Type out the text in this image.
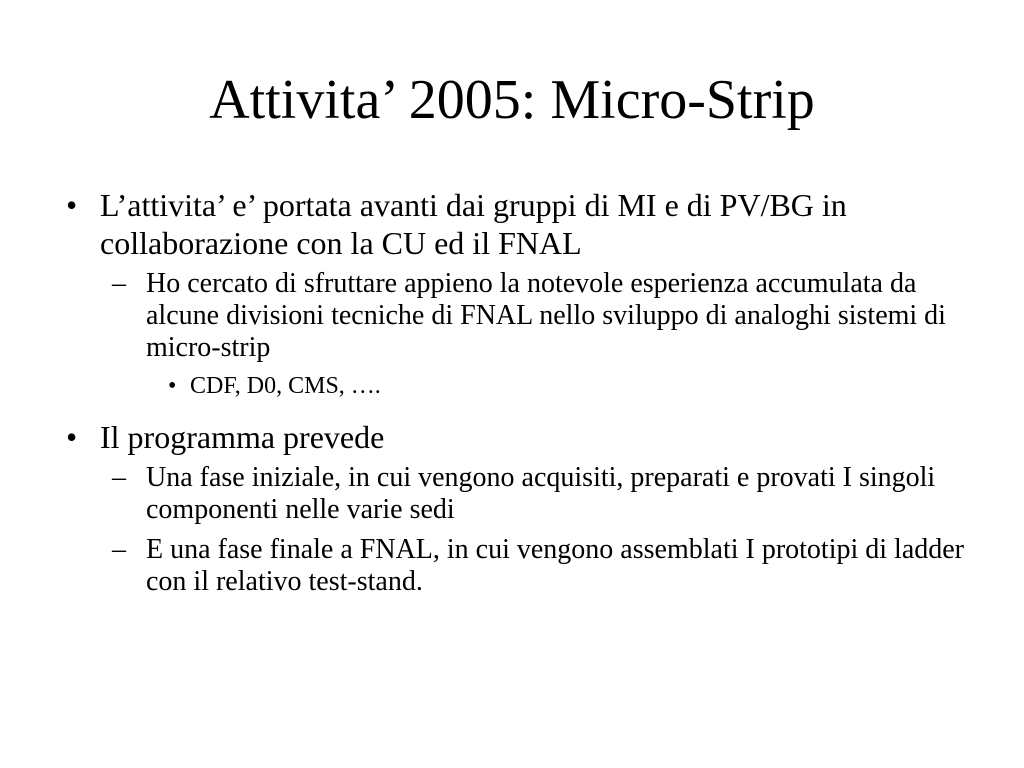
Attivita’ 2005: Micro-Strip
• L’attivita’ e’ portata avanti dai gruppi di MI e di PV/BG in collaborazione con la CU ed il FNAL
– Ho cercato di sfruttare appieno la notevole esperienza accumulata da alcune divisioni tecniche di FNAL nello sviluppo di analoghi sistemi di micro-strip
• CDF, D0, CMS, ….
• Il programma prevede
– Una fase iniziale, in cui vengono acquisiti, preparati e provati I singoli componenti nelle varie sedi
– E una fase finale a FNAL, in cui vengono assemblati I prototipi di ladder con il relativo test-stand.
